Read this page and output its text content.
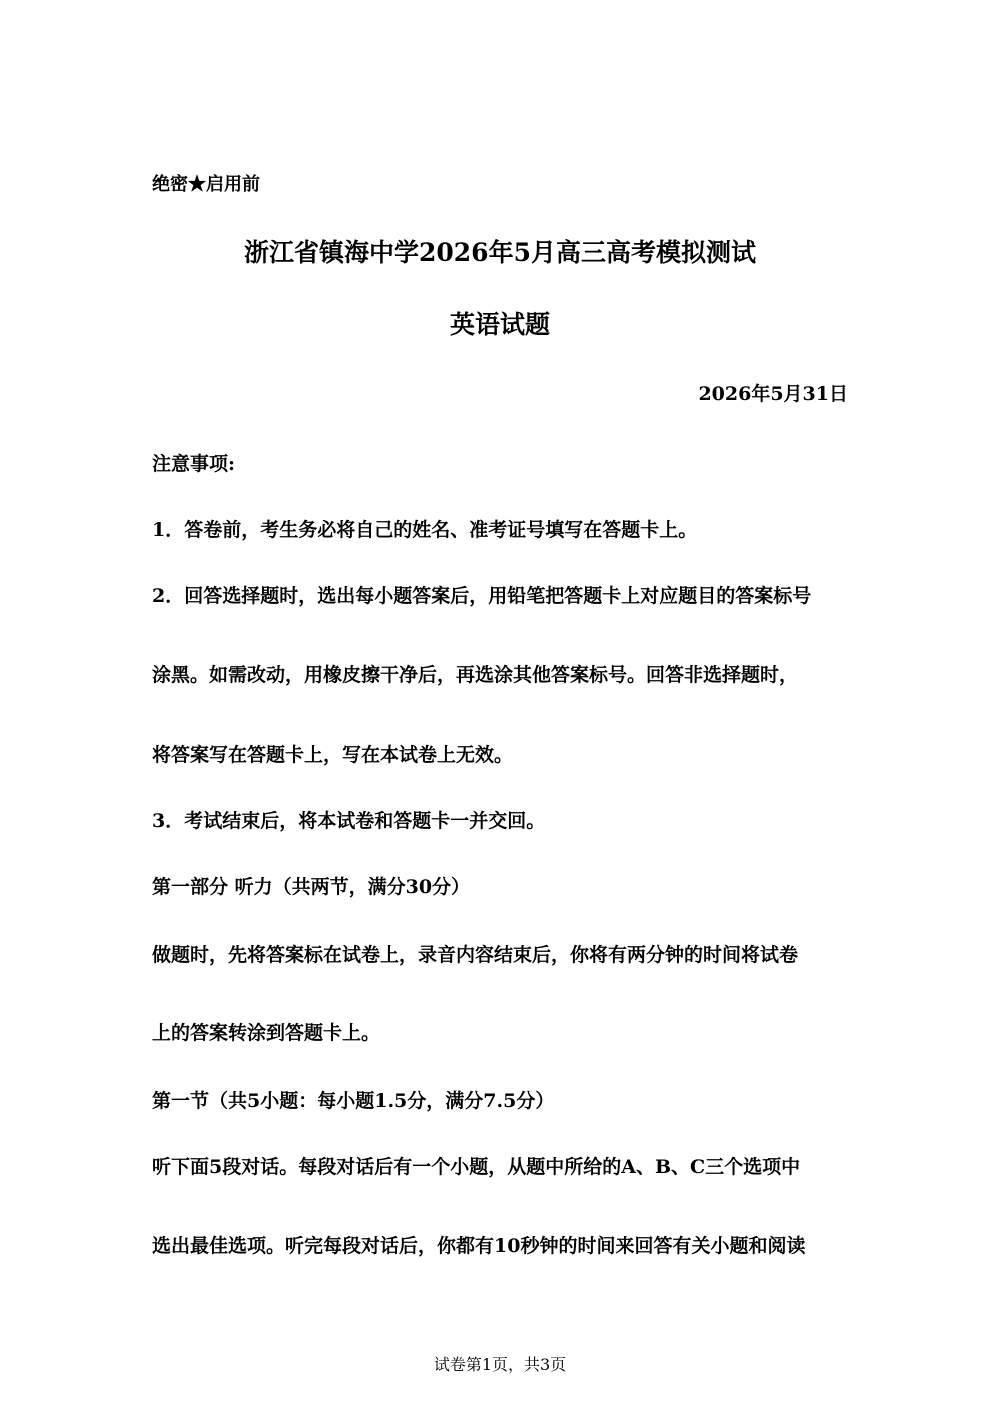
绝密★启用前
浙江省镇海中学2026年5月高三高考模拟测试
英语试题
2026年5月31日
注意事项:
1．答卷前，考生务必将自己的姓名、准考证号填写在答题卡上。
2．回答选择题时，选出每小题答案后，用铅笔把答题卡上对应题目的答案标号
涂黑。如需改动，用橡皮擦干净后，再选涂其他答案标号。回答非选择题时，
将答案写在答题卡上，写在本试卷上无效。
3．考试结束后，将本试卷和答题卡一并交回。
第一部分 听力（共两节，满分30分）
做题时，先将答案标在试卷上，录音内容结束后，你将有两分钟的时间将试卷
上的答案转涂到答题卡上。
第一节（共5小题：每小题1.5分，满分7.5分）
听下面5段对话。每段对话后有一个小题，从题中所给的A、B、C三个选项中
选出最佳选项。听完每段对话后，你都有10秒钟的时间来回答有关小题和阅读
试卷第1页，共3页
